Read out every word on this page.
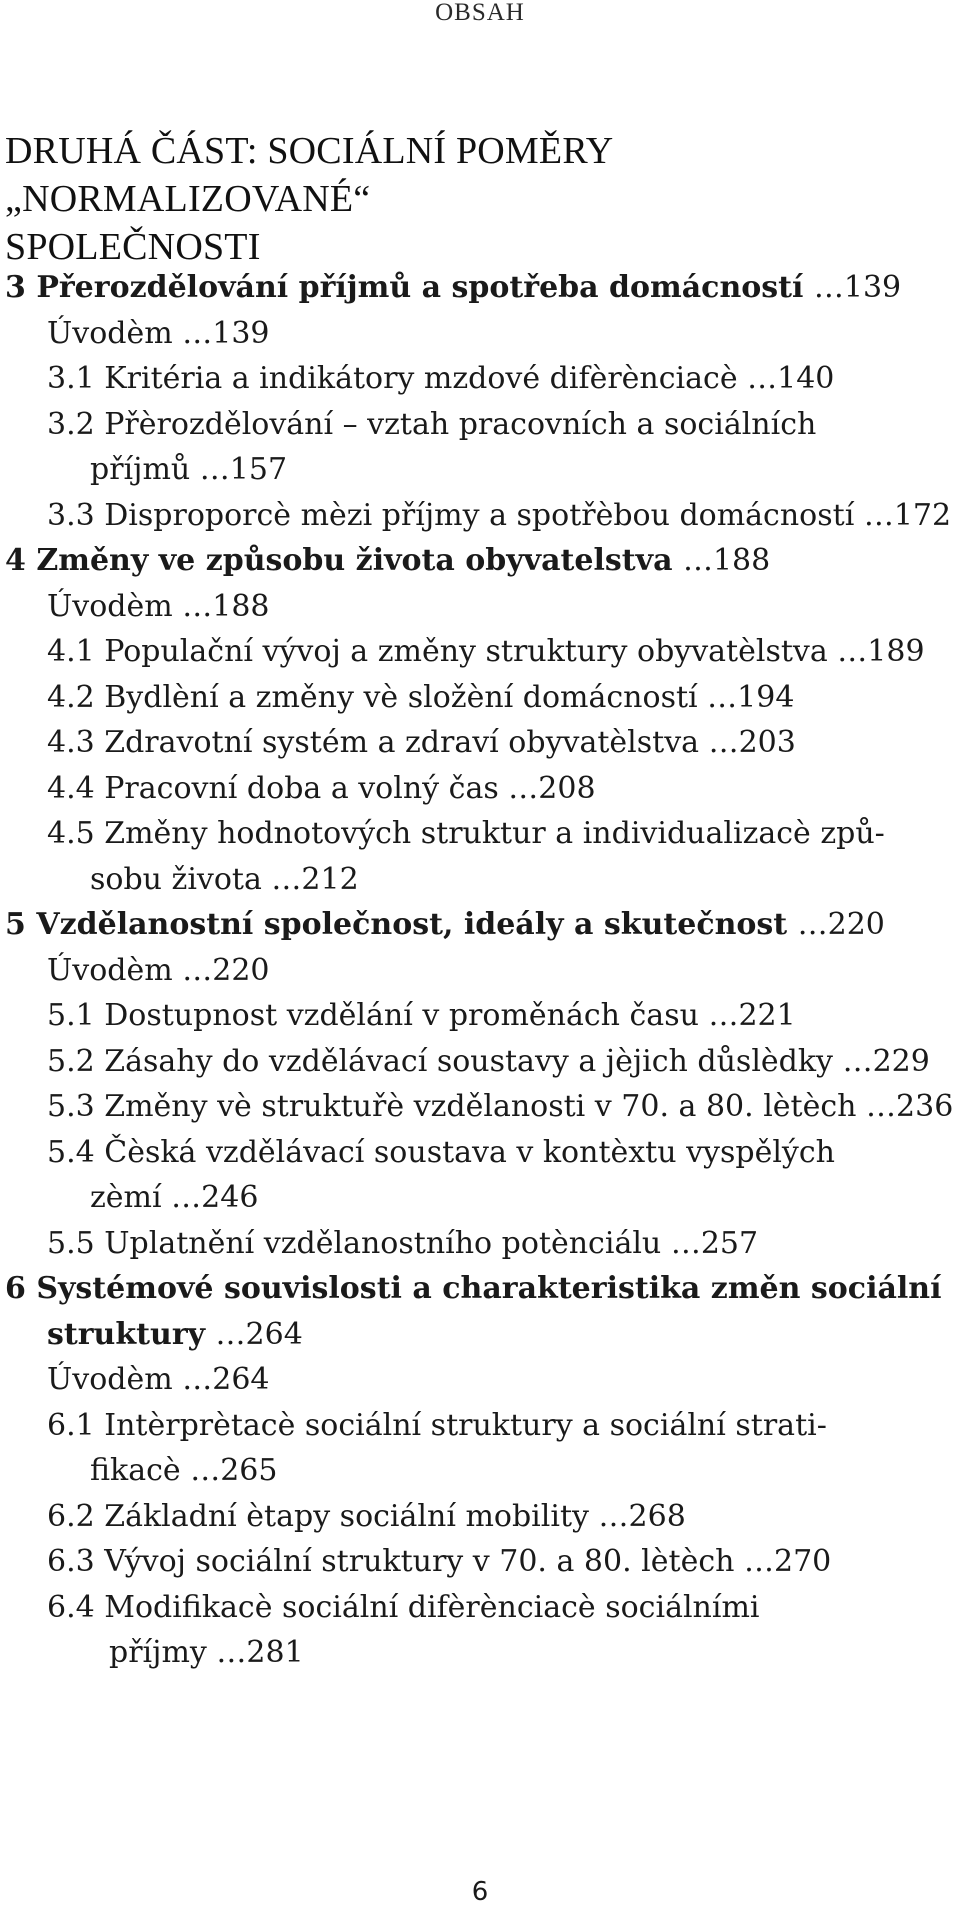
OBSAH
DRUHÁ ČÁST: SOCIÁLNÍ POMĚRY „NORMALIZOVANÉ“
SPOLEČNOSTI
3 Přerozdělování příjmů a spotřeba domácností …139
Úvodèm …139
3.1 Kritéria a indikátory mzdové difèrènciacè …140
3.2 Přèrozdělování – vztah pracovních a sociálních
příjmů …157
3.3 Disproporcè mèzi příjmy a spotřèbou domácností …172
4 Změny ve způsobu života obyvatelstva …188
Úvodèm …188
4.1 Populační vývoj a změny struktury obyvatèlstva …189
4.2 Bydlèní a změny vè složèní domácností …194
4.3 Zdravotní systém a zdraví obyvatèlstva …203
4.4 Pracovní doba a volný čas …208
4.5 Změny hodnotových struktur a individualizacè způ-
sobu života …212
5 Vzdělanostní společnost, ideály a skutečnost …220
Úvodèm …220
5.1 Dostupnost vzdělání v proměnách času …221
5.2 Zásahy do vzdělávací soustavy a jèjich důslèdky …229
5.3 Změny vè struktuřè vzdělanosti v 70. a 80. lètèch …236
5.4 Čèská vzdělávací soustava v kontèxtu vyspělých
zèmí …246
5.5 Uplatnění vzdělanostního potènciálu …257
6 Systémové souvislosti a charakteristika změn sociální
struktury …264
Úvodèm …264
6.1 Intèrprètacè sociální struktury a sociální strati-
fikacè …265
6.2 Základní ètapy sociální mobility …268
6.3 Vývoj sociální struktury v 70. a 80. lètèch …270
6.4 Modifikacè sociální difèrènciacè sociálními
příjmy …281
6
